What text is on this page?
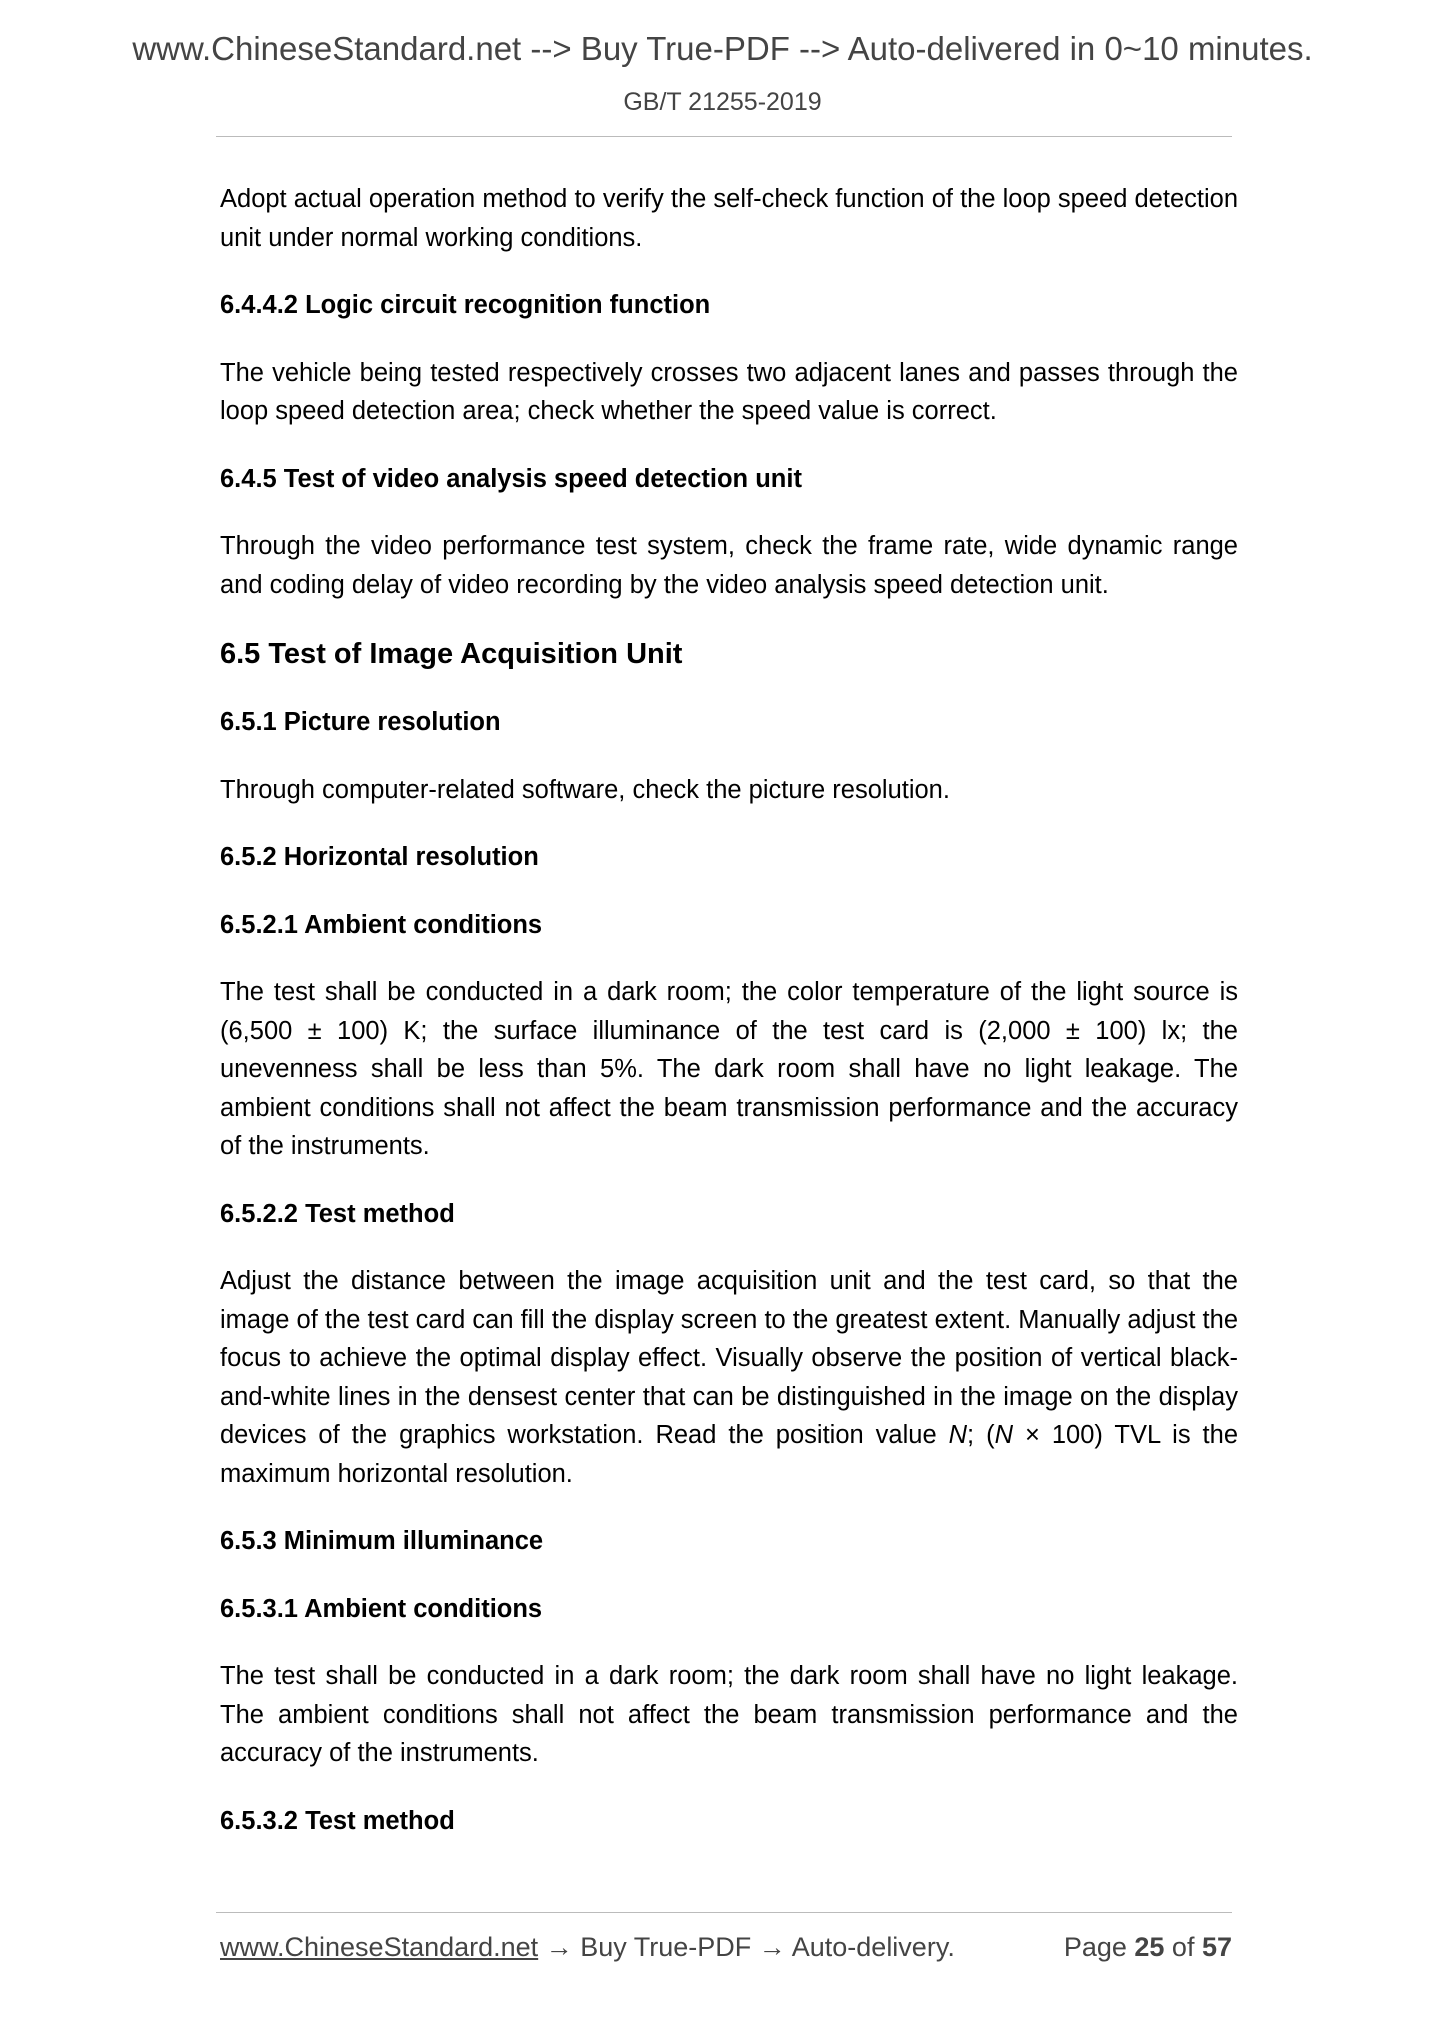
www.ChineseStandard.net --> Buy True-PDF --> Auto-delivered in 0~10 minutes.
GB/T 21255-2019

Adopt actual operation method to verify the self-check function of the loop speed detection unit under normal working conditions.

6.4.4.2 Logic circuit recognition function

The vehicle being tested respectively crosses two adjacent lanes and passes through the loop speed detection area; check whether the speed value is correct.

6.4.5 Test of video analysis speed detection unit

Through the video performance test system, check the frame rate, wide dynamic range and coding delay of video recording by the video analysis speed detection unit.

6.5 Test of Image Acquisition Unit

6.5.1 Picture resolution

Through computer-related software, check the picture resolution.

6.5.2 Horizontal resolution

6.5.2.1 Ambient conditions

The test shall be conducted in a dark room; the color temperature of the light source is (6,500 ± 100) K; the surface illuminance of the test card is (2,000 ± 100) lx; the unevenness shall be less than 5%. The dark room shall have no light leakage. The ambient conditions shall not affect the beam transmission performance and the accuracy of the instruments.

6.5.2.2 Test method

Adjust the distance between the image acquisition unit and the test card, so that the image of the test card can fill the display screen to the greatest extent. Manually adjust the focus to achieve the optimal display effect. Visually observe the position of vertical black-and-white lines in the densest center that can be distinguished in the image on the display devices of the graphics workstation. Read the position value N; (N × 100) TVL is the maximum horizontal resolution.

6.5.3 Minimum illuminance

6.5.3.1 Ambient conditions

The test shall be conducted in a dark room; the dark room shall have no light leakage. The ambient conditions shall not affect the beam transmission performance and the accuracy of the instruments.

6.5.3.2 Test method

www.ChineseStandard.net → Buy True-PDF → Auto-delivery.	Page 25 of 57
